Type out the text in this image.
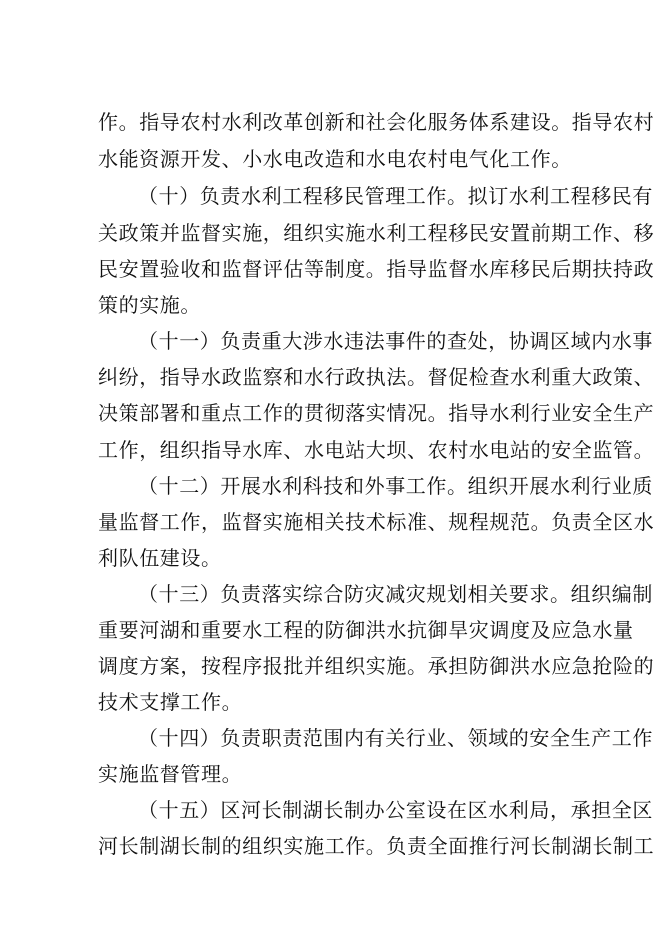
作。指导农村水利改革创新和社会化服务体系建设。指导农村
水能资源开发、小水电改造和水电农村电气化工作。
（十）负责水利工程移民管理工作。拟订水利工程移民有
关政策并监督实施，组织实施水利工程移民安置前期工作、移
民安置验收和监督评估等制度。指导监督水库移民后期扶持政
策的实施。
（十一）负责重大涉水违法事件的查处，协调区域内水事
纠纷，指导水政监察和水行政执法。督促检查水利重大政策、
决策部署和重点工作的贯彻落实情况。指导水利行业安全生产
工作，组织指导水库、水电站大坝、农村水电站的安全监管。
（十二）开展水利科技和外事工作。组织开展水利行业质
量监督工作，监督实施相关技术标准、规程规范。负责全区水
利队伍建设。
（十三）负责落实综合防灾减灾规划相关要求。组织编制
重要河湖和重要水工程的防御洪水抗御旱灾调度及应急水量
调度方案，按程序报批并组织实施。承担防御洪水应急抢险的
技术支撑工作。
（十四）负责职责范围内有关行业、领域的安全生产工作
实施监督管理。
（十五）区河长制湖长制办公室设在区水利局，承担全区
河长制湖长制的组织实施工作。负责全面推行河长制湖长制工
